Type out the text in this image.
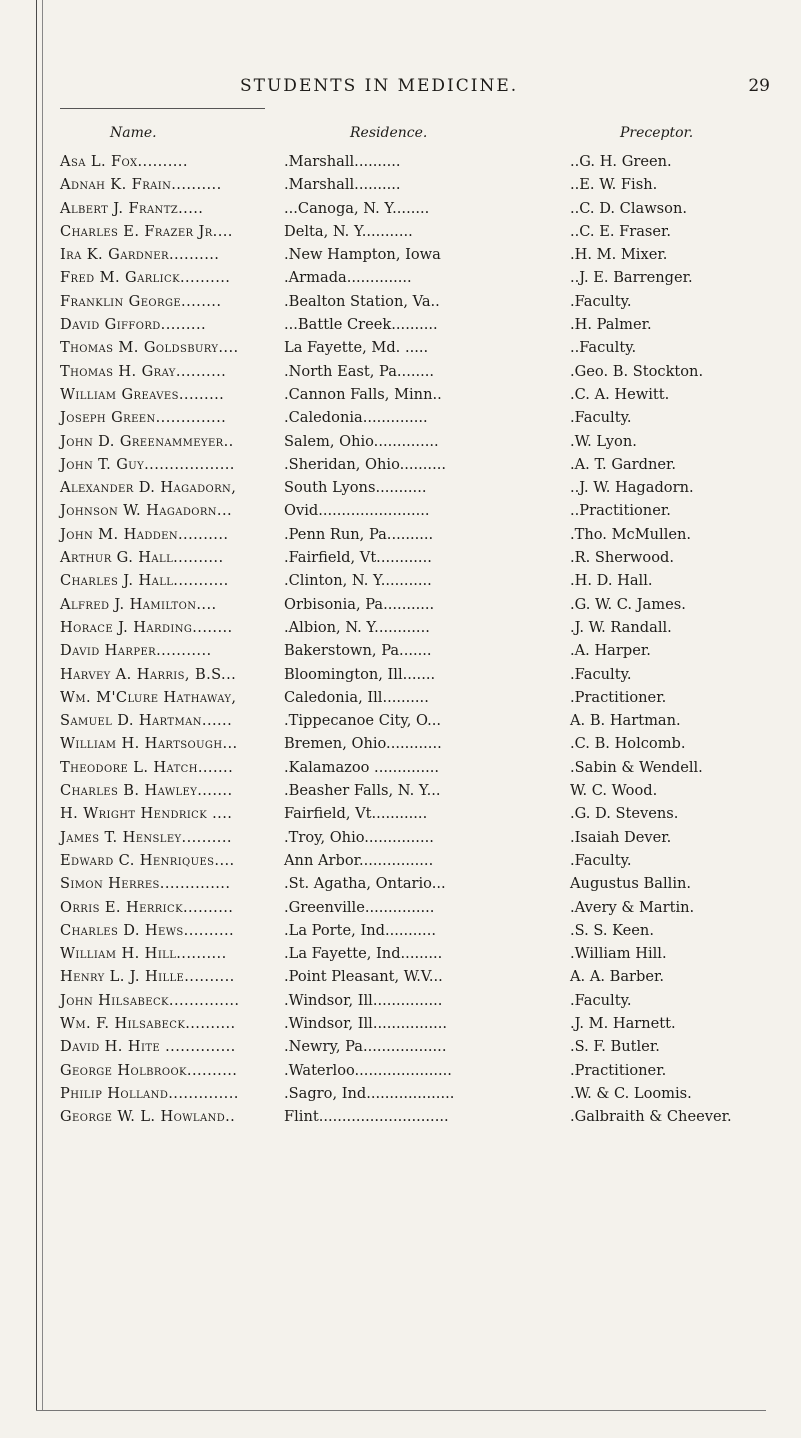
STUDENTS IN MEDICINE.	29
Name.	Residence.	Preceptor.
Asa L. Fox..........	.Marshall..........	..G. H. Green.
Adnah K. Frain..........	.Marshall..........	..E. W. Fish.
Albert J. Frantz.....	...Canoga, N. Y........	..C. D. Clawson.
Charles E. Frazer Jr....	Delta, N. Y...........	..C. E. Fraser.
Ira K. Gardner..........	.New Hampton, Iowa	.H. M. Mixer.
Fred M. Garlick..........	.Armada..............	..J. E. Barrenger.
Franklin George........	.Bealton Station, Va..	.Faculty.
David Gifford.........	...Battle Creek..........	.H. Palmer.
Thomas M. Goldsbury....	La Fayette, Md. .....	..Faculty.
Thomas H. Gray..........	.North East, Pa........	.Geo. B. Stockton.
William Greaves.........	.Cannon Falls, Minn..	.C. A. Hewitt.
Joseph Green..............	.Caledonia..............	.Faculty.
John D. Greenammeyer..	Salem, Ohio..............	.W. Lyon.
John T. Guy..................	.Sheridan, Ohio..........	.A. T. Gardner.
Alexander D. Hagadorn,	South Lyons...........	..J. W. Hagadorn.
Johnson W. Hagadorn...	Ovid........................	..Practitioner.
John M. Hadden..........	.Penn Run, Pa..........	.Tho. McMullen.
Arthur G. Hall..........	.Fairfield, Vt............	.R. Sherwood.
Charles J. Hall...........	.Clinton, N. Y...........	.H. D. Hall.
Alfred J. Hamilton....	Orbisonia, Pa...........	.G. W. C. James.
Horace J. Harding........	.Albion, N. Y............	.J. W. Randall.
David Harper...........	Bakerstown, Pa.......	.A. Harper.
Harvey A. Harris, B.S...	Bloomington, Ill.......	.Faculty.
Wm. M'Clure Hathaway,	Caledonia, Ill..........	.Practitioner.
Samuel D. Hartman......	.Tippecanoe City, O...	A. B. Hartman.
William H. Hartsough...	Bremen, Ohio............	.C. B. Holcomb.
Theodore L. Hatch.......	.Kalamazoo ..............	.Sabin & Wendell.
Charles B. Hawley.......	.Beasher Falls, N. Y...	W. C. Wood.
H. Wright Hendrick ....	Fairfield, Vt............	.G. D. Stevens.
James T. Hensley..........	.Troy, Ohio...............	.Isaiah Dever.
Edward C. Henriques....	Ann Arbor................	.Faculty.
Simon Herres..............	.St. Agatha, Ontario...	Augustus Ballin.
Orris E. Herrick..........	.Greenville...............	.Avery & Martin.
Charles D. Hews..........	.La Porte, Ind...........	.S. S. Keen.
William H. Hill..........	.La Fayette, Ind.........	.William Hill.
Henry L. J. Hille..........	.Point Pleasant, W.V...	A. A. Barber.
John Hilsabeck..............	.Windsor, Ill...............	.Faculty.
Wm. F. Hilsabeck..........	.Windsor, Ill................	.J. M. Harnett.
David H. Hite ..............	.Newry, Pa..................	.S. F. Butler.
George Holbrook..........	.Waterloo.....................	.Practitioner.
Philip Holland..............	.Sagro, Ind...................	.W. & C. Loomis.
George W. L. Howland..	Flint............................	.Galbraith & Cheever.
